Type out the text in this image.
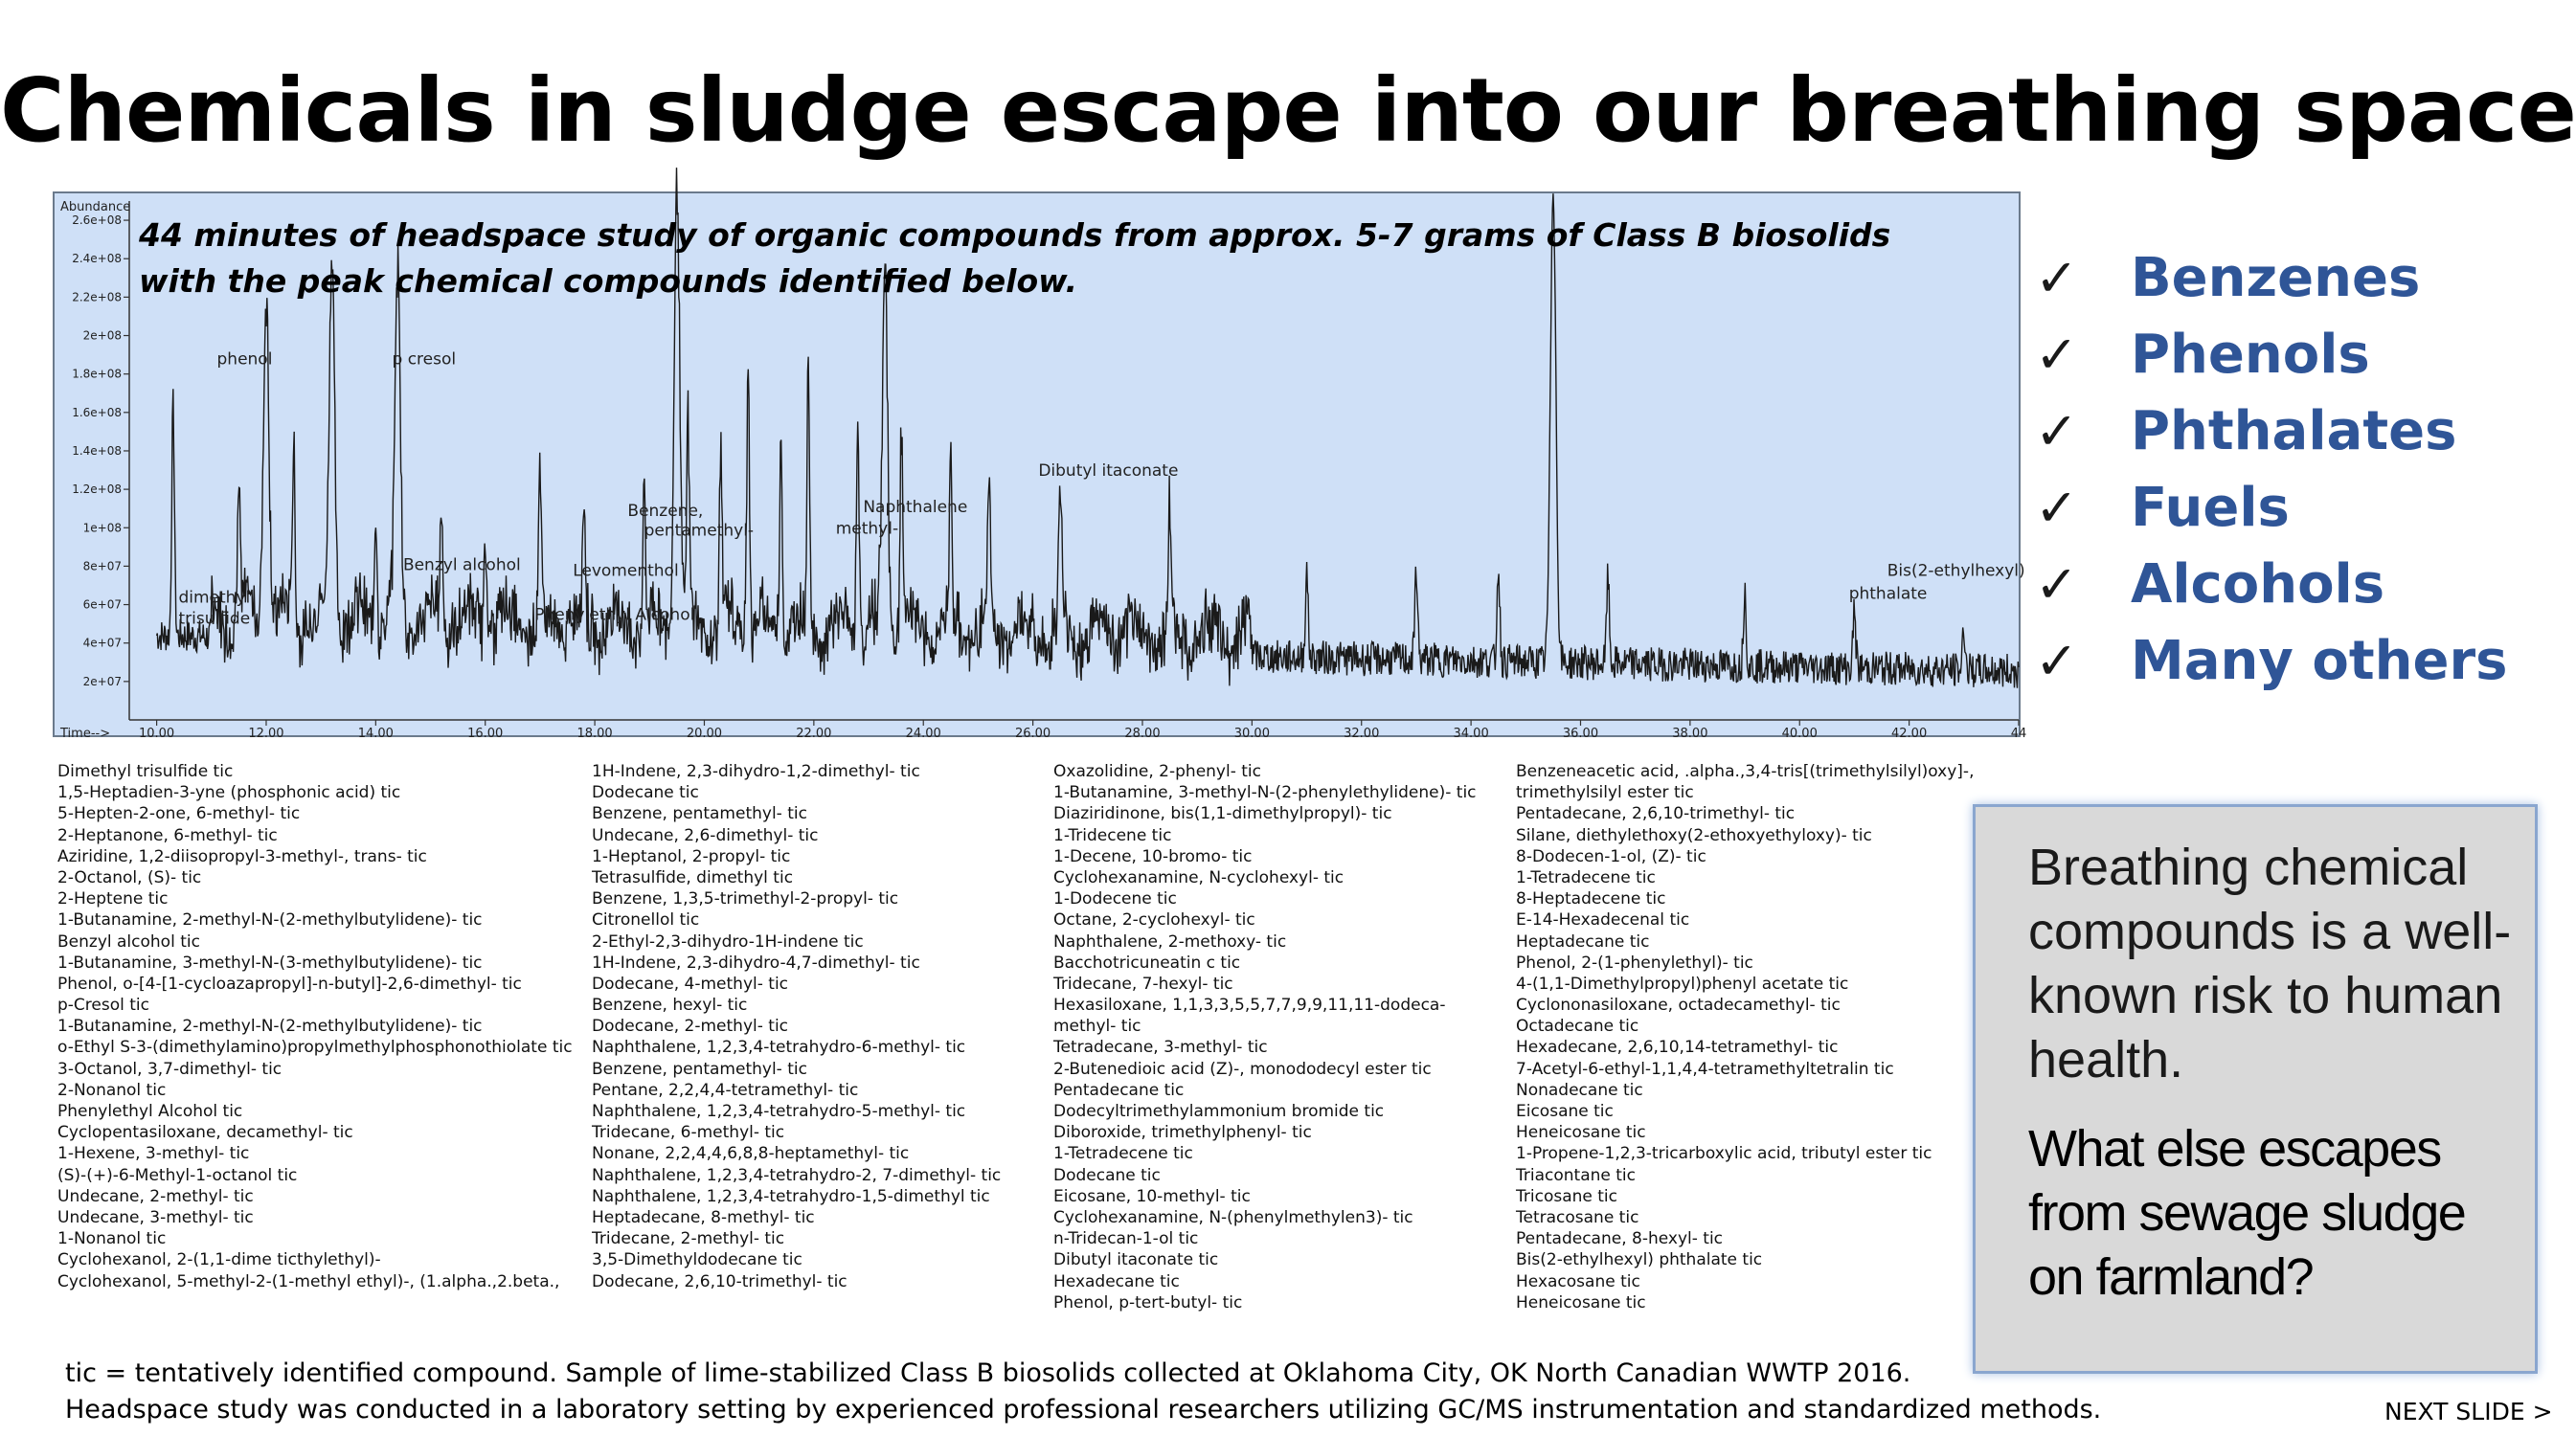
Chemicals in sludge escape into our breathing space
2e+07
4e+07
6e+07
8e+07
1e+08
1.2e+08
1.4e+08
1.6e+08
1.8e+08
2e+08
2.2e+08
2.4e+08
2.6e+08
10.00	12.00	14.00	16.00	18.00	20.00	22.00	24.00	26.00	28.00	30.00	32.00	34.00	36.00	38.00	40.00	42.00	44
Abundance
Time-->
phenol	p cresol
Benzyl alcohol
Phenylethyl Alcohol
Levomenthol
Benzene,
pentamethyl-
Naphthalene
methyl-
Dibutyl itaconate
Bis(2-ethylhexyl)
phthalate
dimethyl
trisulfide
44 minutes of headspace study of organic compounds from approx. 5-7 grams of Class B biosolids with the peak chemical compounds identified below.	✓ Benzenes
✓ Phenols
✓ Phthalates
✓ Fuels
✓ Alcohols
✓ Many others
Dimethyl trisulfide tic
1,5-Heptadien-3-yne (phosphonic acid) tic
5-Hepten-2-one, 6-methyl- tic
2-Heptanone, 6-methyl- tic
Aziridine, 1,2-diisopropyl-3-methyl-, trans- tic
2-Octanol, (S)- tic
2-Heptene tic
1-Butanamine, 2-methyl-N-(2-methylbutylidene)- tic
Benzyl alcohol tic
1-Butanamine, 3-methyl-N-(3-methylbutylidene)- tic
Phenol, o-[4-[1-cycloazapropyl]-n-butyl]-2,6-dimethyl- tic
p-Cresol tic
1-Butanamine, 2-methyl-N-(2-methylbutylidene)- tic
o-Ethyl S-3-(dimethylamino)propylmethylphosphonothiolate tic
3-Octanol, 3,7-dimethyl- tic
2-Nonanol tic
Phenylethyl Alcohol tic
Cyclopentasiloxane, decamethyl- tic
1-Hexene, 3-methyl- tic
(S)-(+)-6-Methyl-1-octanol tic
Undecane, 2-methyl- tic
Undecane, 3-methyl- tic
1-Nonanol tic
Cyclohexanol, 2-(1,1-dime ticthylethyl)-
Cyclohexanol, 5-methyl-2-(1-methyl ethyl)-, (1.alpha.,2.beta.,
1H-Indene, 2,3-dihydro-1,2-dimethyl- tic
Dodecane tic
Benzene, pentamethyl- tic
Undecane, 2,6-dimethyl- tic
1-Heptanol, 2-propyl- tic
Tetrasulfide, dimethyl tic
Benzene, 1,3,5-trimethyl-2-propyl- tic
Citronellol tic
2-Ethyl-2,3-dihydro-1H-indene tic
1H-Indene, 2,3-dihydro-4,7-dimethyl- tic
Dodecane, 4-methyl- tic
Benzene, hexyl- tic
Dodecane, 2-methyl- tic
Naphthalene, 1,2,3,4-tetrahydro-6-methyl- tic
Benzene, pentamethyl- tic
Pentane, 2,2,4,4-tetramethyl- tic
Naphthalene, 1,2,3,4-tetrahydro-5-methyl- tic
Tridecane, 6-methyl- tic
Nonane, 2,2,4,4,6,8,8-heptamethyl- tic
Naphthalene, 1,2,3,4-tetrahydro-2, 7-dimethyl- tic
Naphthalene, 1,2,3,4-tetrahydro-1,5-dimethyl tic
Heptadecane, 8-methyl- tic
Tridecane, 2-methyl- tic
3,5-Dimethyldodecane tic
Dodecane, 2,6,10-trimethyl- tic
Oxazolidine, 2-phenyl- tic
1-Butanamine, 3-methyl-N-(2-phenylethylidene)- tic
Diaziridinone, bis(1,1-dimethylpropyl)- tic
1-Tridecene tic
1-Decene, 10-bromo- tic
Cyclohexanamine, N-cyclohexyl- tic
1-Dodecene tic
Octane, 2-cyclohexyl- tic
Naphthalene, 2-methoxy- tic
Bacchotricuneatin c tic
Tridecane, 7-hexyl- tic
Hexasiloxane, 1,1,3,3,5,5,7,7,9,9,11,11-dodeca-
methyl- tic
Tetradecane, 3-methyl- tic
2-Butenedioic acid (Z)-, monododecyl ester tic
Pentadecane tic
Dodecyltrimethylammonium bromide tic
Diboroxide, trimethylphenyl- tic
1-Tetradecene tic
Dodecane tic
Eicosane, 10-methyl- tic
Cyclohexanamine, N-(phenylmethylen3)- tic
n-Tridecan-1-ol tic
Dibutyl itaconate tic
Hexadecane tic
Phenol, p-tert-butyl- tic
Benzeneacetic acid, .alpha.,3,4-tris[(trimethylsilyl)oxy]-,
trimethylsilyl ester tic
Pentadecane, 2,6,10-trimethyl- tic
Silane, diethylethoxy(2-ethoxyethyloxy)- tic
8-Dodecen-1-ol, (Z)- tic
1-Tetradecene tic
8-Heptadecene tic
E-14-Hexadecenal tic
Heptadecane tic
Phenol, 2-(1-phenylethyl)- tic
4-(1,1-Dimethylpropyl)phenyl acetate tic
Cyclononasiloxane, octadecamethyl- tic
Octadecane tic
Hexadecane, 2,6,10,14-tetramethyl- tic
7-Acetyl-6-ethyl-1,1,4,4-tetramethyltetralin tic
Nonadecane tic
Eicosane tic
Heneicosane tic
1-Propene-1,2,3-tricarboxylic acid, tributyl ester tic
Triacontane tic
Tricosane tic
Tetracosane tic
Pentadecane, 8-hexyl- tic
Bis(2-ethylhexyl) phthalate tic
Hexacosane tic
Heneicosane tic
Breathing chemical compounds is a well-known risk to human health.
What else escapes from sewage sludge on farmland?
tic = tentatively identified compound. Sample of lime-stabilized Class B biosolids collected at Oklahoma City, OK North Canadian WWTP 2016.
Headspace study was conducted in a laboratory setting by experienced professional researchers utilizing GC/MS instrumentation and standardized methods.	NEXT SLIDE >
